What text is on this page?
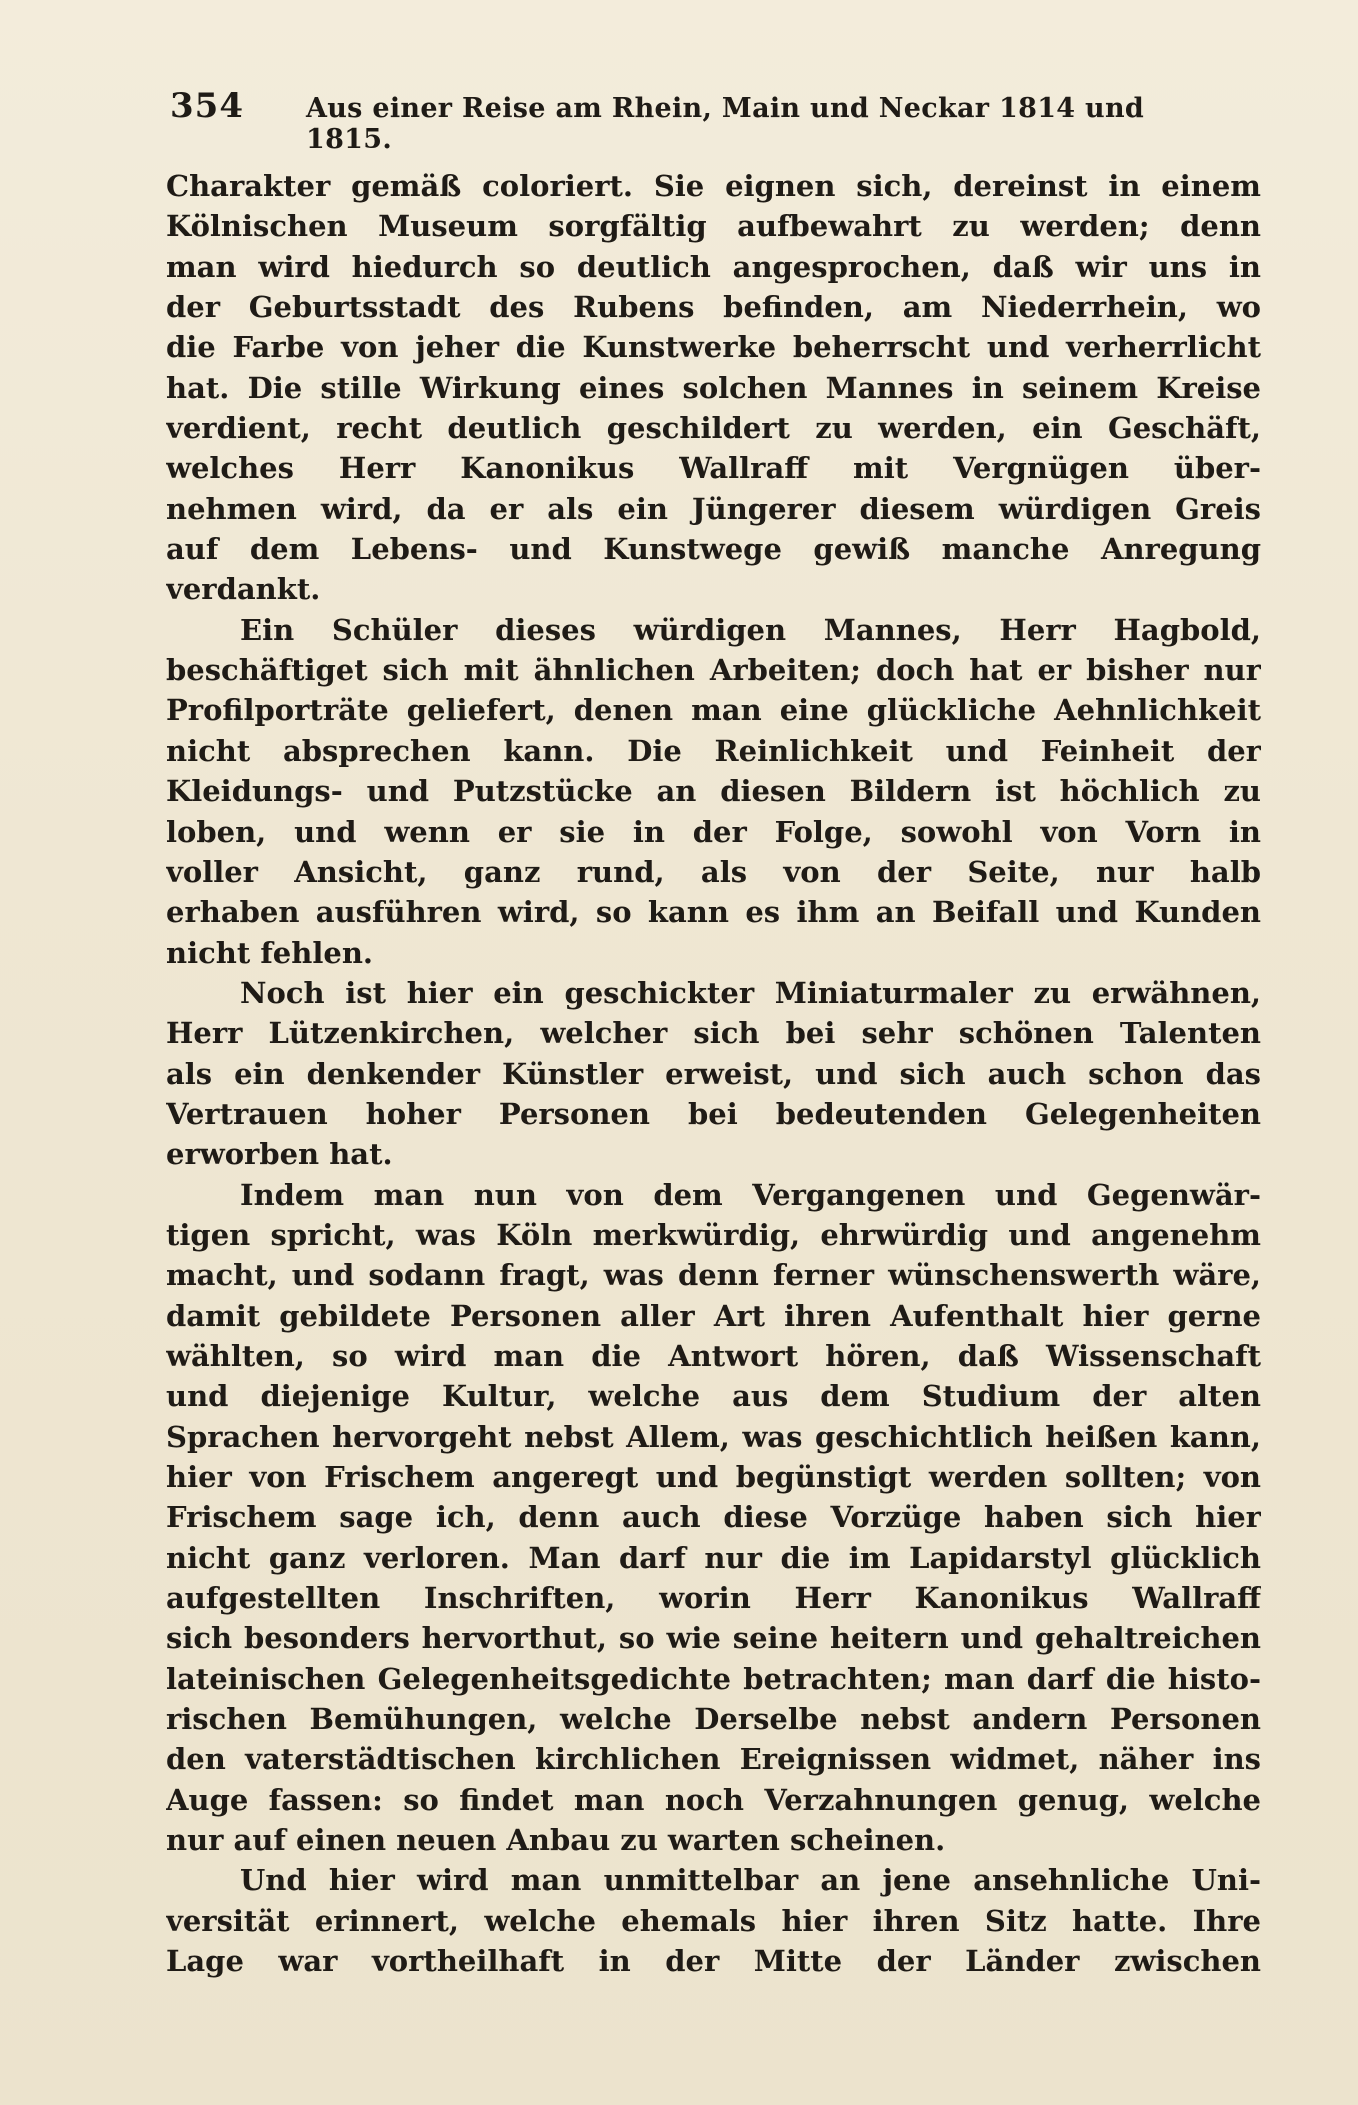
354 Aus einer Reise am Rhein, Main und Neckar 1814 und 1815.
Charakter gemäß coloriert. Sie eignen sich, dereinst in einem
Kölnischen Museum sorgfältig aufbewahrt zu werden; denn
man wird hiedurch so deutlich angesprochen, daß wir uns in
der Geburtsstadt des Rubens befinden, am Niederrhein, wo
die Farbe von jeher die Kunstwerke beherrscht und verherrlicht
hat. Die stille Wirkung eines solchen Mannes in seinem Kreise
verdient, recht deutlich geschildert zu werden, ein Geschäft,
welches Herr Kanonikus Wallraff mit Vergnügen über-
nehmen wird, da er als ein Jüngerer diesem würdigen Greis
auf dem Lebens- und Kunstwege gewiß manche Anregung
verdankt.
Ein Schüler dieses würdigen Mannes, Herr Hagbold,
beschäftiget sich mit ähnlichen Arbeiten; doch hat er bisher nur
Profilporträte geliefert, denen man eine glückliche Aehnlichkeit
nicht absprechen kann. Die Reinlichkeit und Feinheit der
Kleidungs- und Putzstücke an diesen Bildern ist höchlich zu
loben, und wenn er sie in der Folge, sowohl von Vorn in
voller Ansicht, ganz rund, als von der Seite, nur halb
erhaben ausführen wird, so kann es ihm an Beifall und Kunden
nicht fehlen.
Noch ist hier ein geschickter Miniaturmaler zu erwähnen,
Herr Lützenkirchen, welcher sich bei sehr schönen Talenten
als ein denkender Künstler erweist, und sich auch schon das
Vertrauen hoher Personen bei bedeutenden Gelegenheiten
erworben hat.
Indem man nun von dem Vergangenen und Gegenwär-
tigen spricht, was Köln merkwürdig, ehrwürdig und angenehm
macht, und sodann fragt, was denn ferner wünschenswerth wäre,
damit gebildete Personen aller Art ihren Aufenthalt hier gerne
wählten, so wird man die Antwort hören, daß Wissenschaft
und diejenige Kultur, welche aus dem Studium der alten
Sprachen hervorgeht nebst Allem, was geschichtlich heißen kann,
hier von Frischem angeregt und begünstigt werden sollten; von
Frischem sage ich, denn auch diese Vorzüge haben sich hier
nicht ganz verloren. Man darf nur die im Lapidarstyl glücklich
aufgestellten Inschriften, worin Herr Kanonikus Wallraff
sich besonders hervorthut, so wie seine heitern und gehaltreichen
lateinischen Gelegenheitsgedichte betrachten; man darf die histo-
rischen Bemühungen, welche Derselbe nebst andern Personen
den vaterstädtischen kirchlichen Ereignissen widmet, näher ins
Auge fassen: so findet man noch Verzahnungen genug, welche
nur auf einen neuen Anbau zu warten scheinen.
Und hier wird man unmittelbar an jene ansehnliche Uni-
versität erinnert, welche ehemals hier ihren Sitz hatte. Ihre
Lage war vortheilhaft in der Mitte der Länder zwischen
